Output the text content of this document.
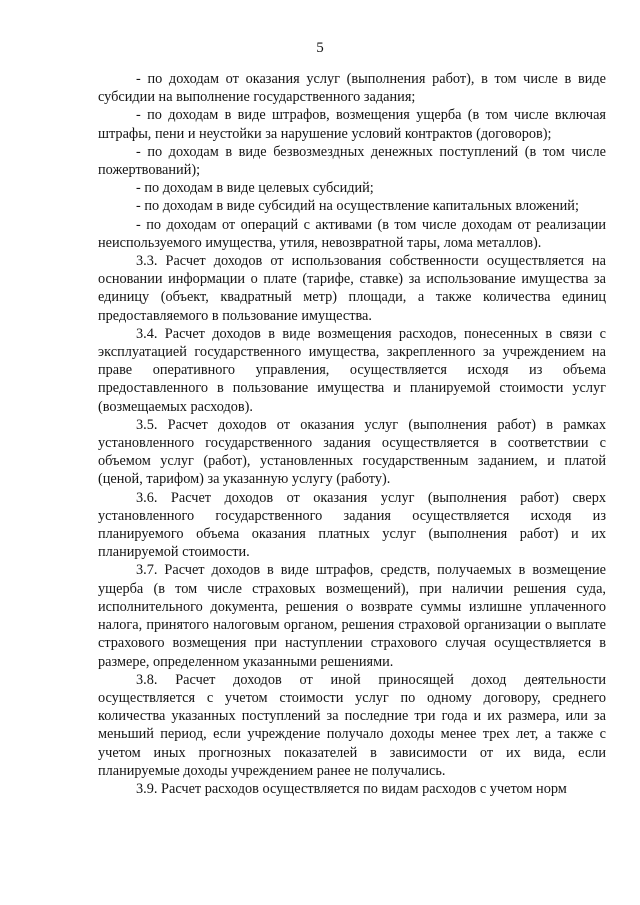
5

- по доходам от оказания услуг (выполнения работ), в том числе в виде субсидии на выполнение государственного задания;

- по доходам в виде штрафов, возмещения ущерба (в том числе включая штрафы, пени и неустойки за нарушение условий контрактов (договоров);

- по доходам в виде безвозмездных денежных поступлений (в том числе пожертвований);

- по доходам в виде целевых субсидий;

- по доходам в виде субсидий на осуществление капитальных вложений;

- по доходам от операций с активами (в том числе доходам от реализации неиспользуемого имущества, утиля, невозвратной тары, лома металлов).

3.3. Расчет доходов от использования собственности осуществляется на основании информации о плате (тарифе, ставке) за использование имущества за единицу (объект, квадратный метр) площади, а также количества единиц предоставляемого в пользование имущества.

3.4. Расчет доходов в виде возмещения расходов, понесенных в связи с эксплуатацией государственного имущества, закрепленного за учреждением на праве оперативного управления, осуществляется исходя из объема предоставленного в пользование имущества и планируемой стоимости услуг (возмещаемых расходов).

3.5. Расчет доходов от оказания услуг (выполнения работ) в рамках установленного государственного задания осуществляется в соответствии с объемом услуг (работ), установленных государственным заданием, и платой (ценой, тарифом) за указанную услугу (работу).

3.6. Расчет доходов от оказания услуг (выполнения работ) сверх установленного государственного задания осуществляется исходя из планируемого объема оказания платных услуг (выполнения работ) и их планируемой стоимости.

3.7. Расчет доходов в виде штрафов, средств, получаемых в возмещение ущерба (в том числе страховых возмещений), при наличии решения суда, исполнительного документа, решения о возврате суммы излишне уплаченного налога, принятого налоговым органом, решения страховой организации о выплате страхового возмещения при наступлении страхового случая осуществляется в размере, определенном указанными решениями.

3.8. Расчет доходов от иной приносящей доход деятельности осуществляется с учетом стоимости услуг по одному договору, среднего количества указанных поступлений за последние три года и их размера, или за меньший период, если учреждение получало доходы менее трех лет, а также с учетом иных прогнозных показателей в зависимости от их вида, если планируемые доходы учреждением ранее не получались.

3.9. Расчет расходов осуществляется по видам расходов с учетом норм
